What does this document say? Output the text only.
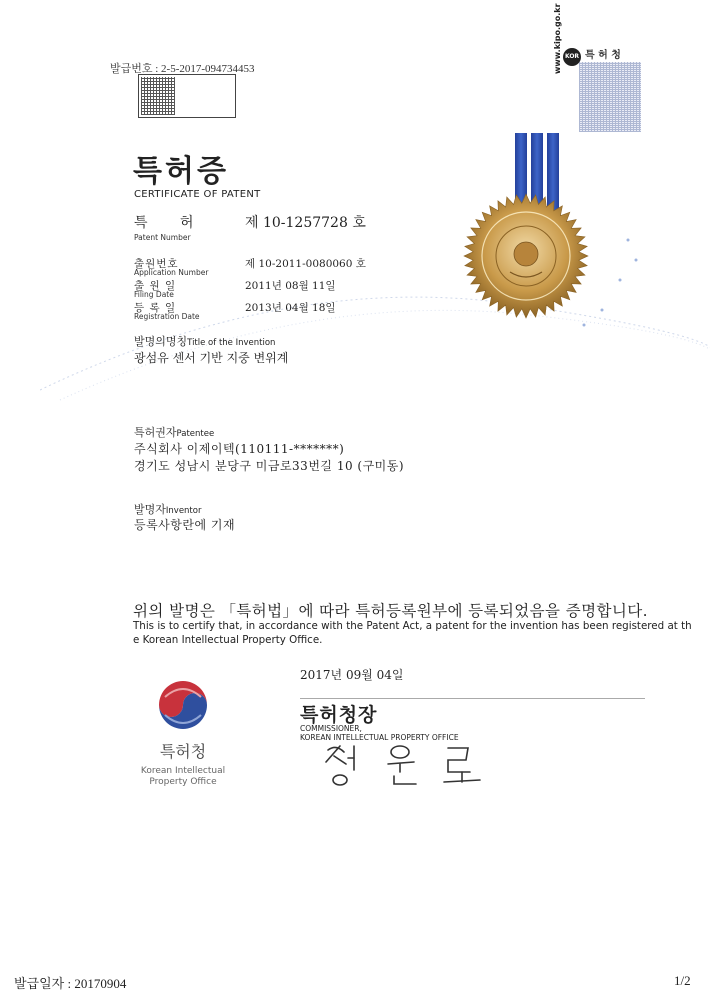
발급번호 : 2-5-2017-094734453
KOR 특 허 청
www.kipo.go.kr
특허증
CERTIFICATE OF PATENT
특 허	제 10-1257728 호
Patent Number
출원번호
Application Number
제 10-2011-0080060 호
출 원 일
Filing Date
2011년 08월 11일
등 록 일
Registration Date
2013년 04월 18일
발명의명칭Title of the Invention
광섬유 센서 기반 지중 변위계
특허권자Patentee
주식회사 이제이텍(110111-*******)
경기도 성남시 분당구 미금로33번길 10 (구미동)
발명자Inventor
등록사항란에 기재
위의 발명은 「특허법」에 따라 특허등록원부에 등록되었음을 증명합니다.
This is to certify that, in accordance with the Patent Act, a patent for the invention has been registered at th
e Korean Intellectual Property Office.
2017년 09월 04일
특허청장
COMMISSIONER,
KOREAN INTELLECTUAL PROPERTY OFFICE
특허청
Korean Intellectual
Property Office
발급일자 : 20170904	1/2
